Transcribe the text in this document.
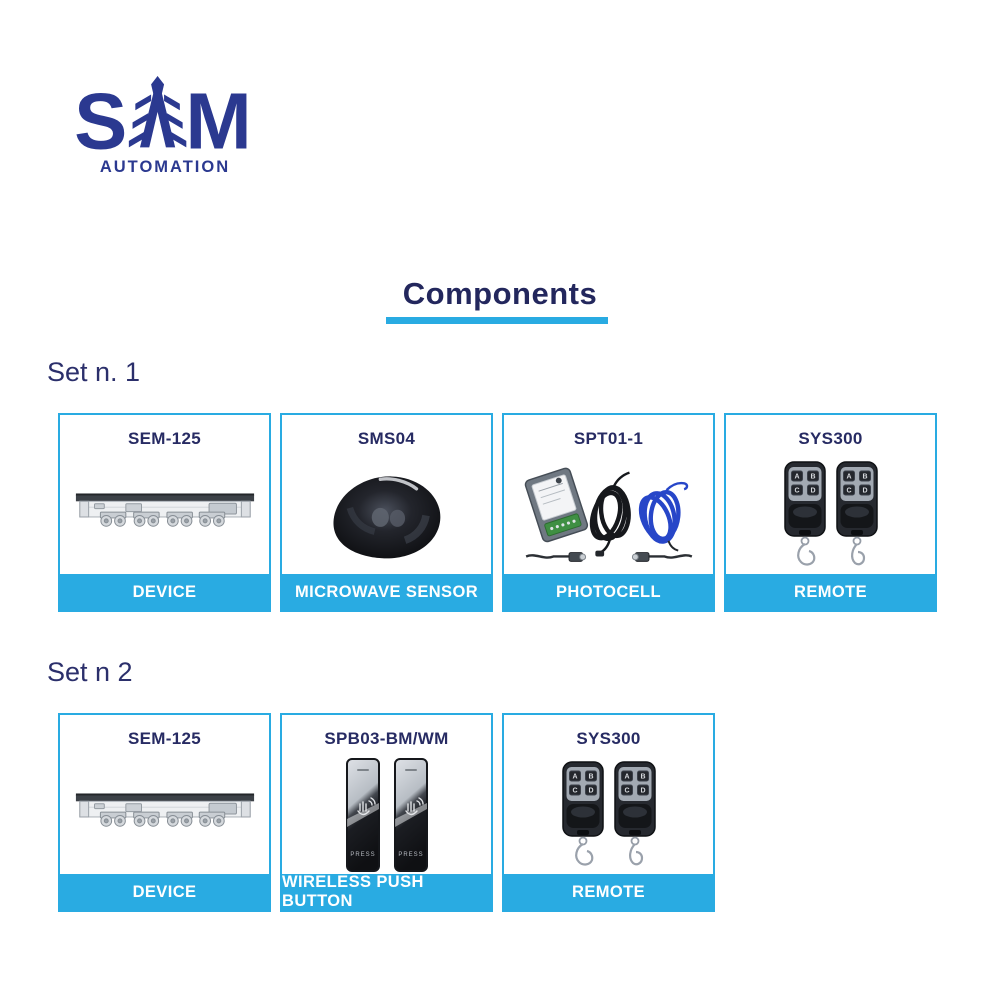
S M
AUTOMATION
Components
Set n. 1
SEM-125
DEVICE
SMS04
MICROWAVE SENSOR
SPT01-1
PHOTOCELL
SYS300
A B
C D
A B
C D
REMOTE
Set n 2
SEM-125
DEVICE
SPB03-BM/WM
PRESS	PRESS
WIRELESS PUSH BUTTON
SYS300
A B
C D
A B
C D
REMOTE
